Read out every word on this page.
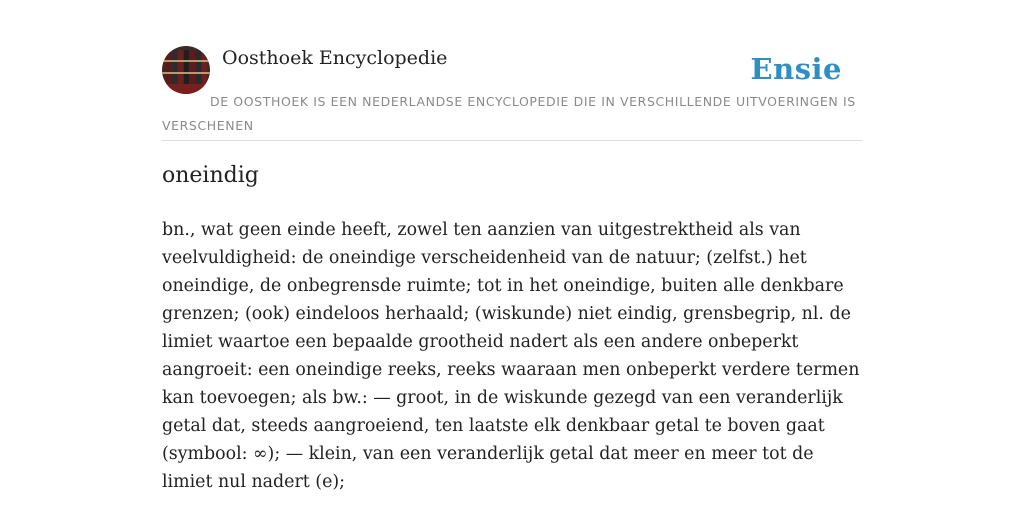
Oosthoek Encyclopedie	Ensie
DE OOSTHOEK IS EEN NEDERLANDSE ENCYCLOPEDIE DIE IN VERSCHILLENDE UITVOERINGEN IS VERSCHENEN
oneindig

bn., wat geen einde heeft, zowel ten aanzien van uitgestrektheid als van veelvuldigheid: de oneindige verscheidenheid van de natuur; (zelfst.) het oneindige, de onbegrensde ruimte; tot in het oneindige, buiten alle denkbare grenzen; (ook) eindeloos herhaald; (wiskunde) niet eindig, grensbegrip, nl. de limiet waartoe een bepaalde grootheid nadert als een andere onbeperkt aangroeit: een oneindige reeks, reeks waaraan men onbeperkt verdere termen kan toevoegen; als bw.: — groot, in de wiskunde gezegd van een veranderlijk getal dat, steeds aangroeiend, ten laatste elk denkbaar getal te boven gaat (symbool: ∞); — klein, van een veranderlijk getal dat meer en meer tot de limiet nul nadert (e);
